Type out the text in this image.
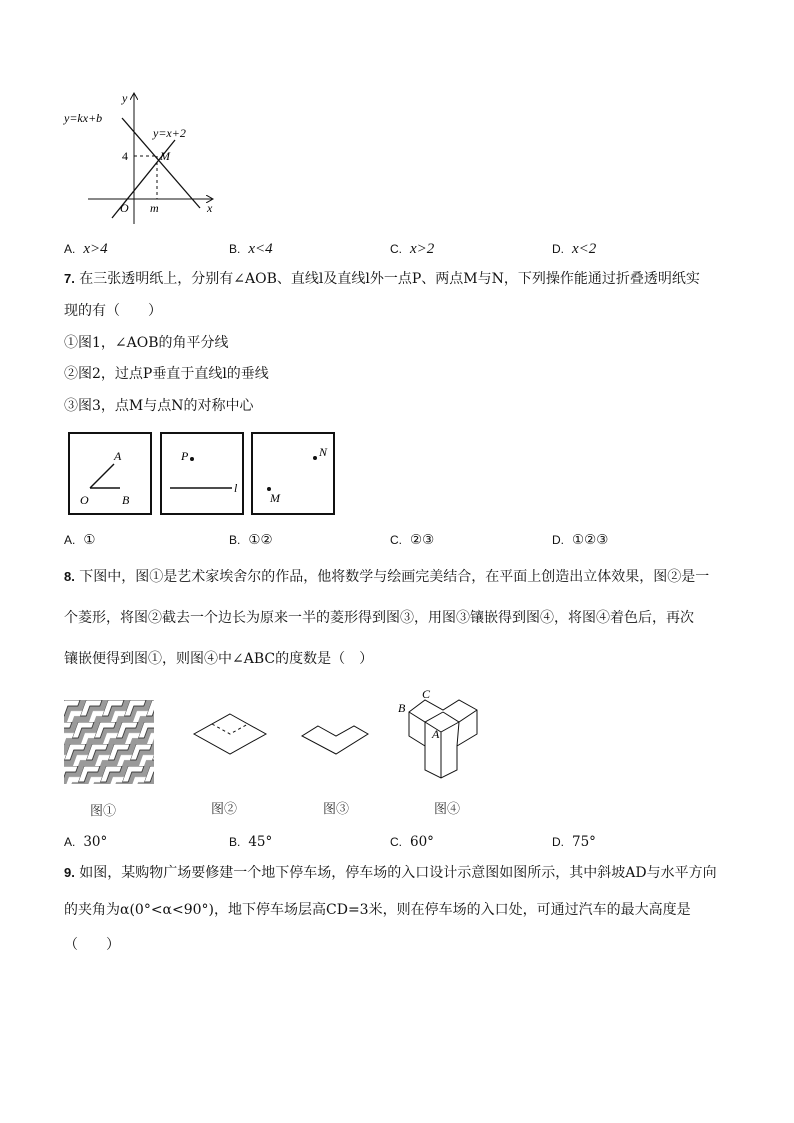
y=kx+b
y=x+2
y
x
O
M
4
m
A. x>4	B. x<4	C. x>2	D. x<2
7. 在三张透明纸上，分别有∠AOB、直线l及直线l外一点P、两点M与N，下列操作能通过折叠透明纸实
现的有（　　）
①图1，∠AOB的角平分线
②图2，过点P垂直于直线l的垂线
③图3，点M与点N的对称中心
A
O	B
P
l
N
M
A. ①	B. ①②	C. ②③	D. ①②③
8. 下图中，图①是艺术家埃舍尔的作品，他将数学与绘画完美结合，在平面上创造出立体效果，图②是一
个菱形，将图②截去一个边长为原来一半的菱形得到图③，用图③镶嵌得到图④，将图④着色后，再次
镶嵌便得到图①，则图④中∠ABC的度数是（　）
B
C
A
图①	图②	图③	图④
A. 30°	B. 45°	C. 60°	D. 75°
9. 如图，某购物广场要修建一个地下停车场，停车场的入口设计示意图如图所示，其中斜坡AD与水平方向
的夹角为α(0°<α<90°)，地下停车场层高CD=3米，则在停车场的入口处，可通过汽车的最大高度是
（　　）
